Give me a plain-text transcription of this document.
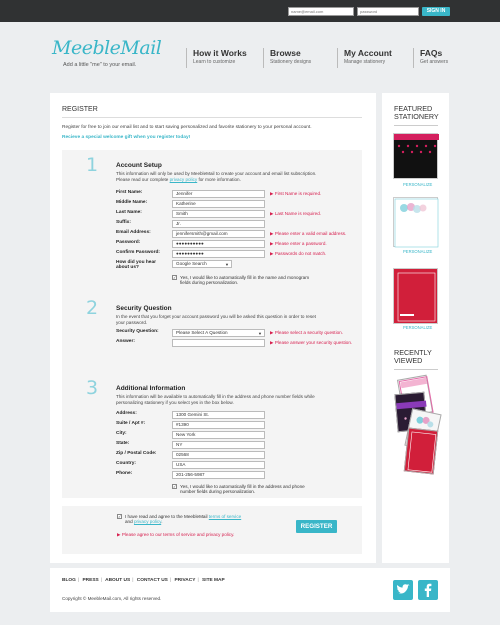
name@email.com
password
SIGN IN
MeebleMail
Add a little "me" to your email.
How it Works
Learn to customize
Browse
Stationery designs
My Account
Manage stationery
FAQs
Get answers
REGISTER
Register for free to join our email list and to start saving personalized and favorite stationery to your personal account.
Recieve a special welcome gift when you register today!
1	Account Setup
This information will only be used by MeebleMail to create your account and email list subscription.
Please read our complete privacy policy for more information.
First Name:	Jennifer	▶ First Name is required.
Middle Name:	Katherine
Last Name:	Smith	▶ Last Name is required.
Suffix:	Jr.
Email Address:	jennifersmith@gmail.com	▶ Please enter a valid email address.
Password:	●●●●●●●●●●	▶ Please enter a password.
Confirm Password:	●●●●●●●●●●	▶ Passwords do not match.
How did you hear about us?
Google Search	▼
✓ Yes, I would like to automatically fill in the name and monogram fields during personalization.
2	Security Question
In the event that you forget your account password you will be asked this question in order to reset your password.
Security Question:	Please Select A Question	▼ ▶ Please select a security question.
Answer:	▶ Please answer your security question.
3	Additional Information
This information will be available to automatically fill in the address and phone number fields while personalizing stationery if you select yes in the box below.
Address:	1300 Gemini St.
Suite / Apt #:	#1390
City:	New York
State:	NY
Zip / Postal Code:	02568
Country:	USA
Phone:	201-256-5987
✓ Yes, I would like to automatically fill in the address and phone number fields during personalization.
✓ I have read and agree to the MeebleMail terms of service
and privacy policy.
▶ Please agree to our terms of service and privacy policy.
REGISTER
FEATURED
STATIONERY
PERSONALIZE
PERSONALIZE
PERSONALIZE
RECENTLY
VIEWED
BLOG | PRESS | ABOUT US | CONTACT US | PRIVACY | SITE MAP
Copyright © MeebleMail.com, All rights reserved.
